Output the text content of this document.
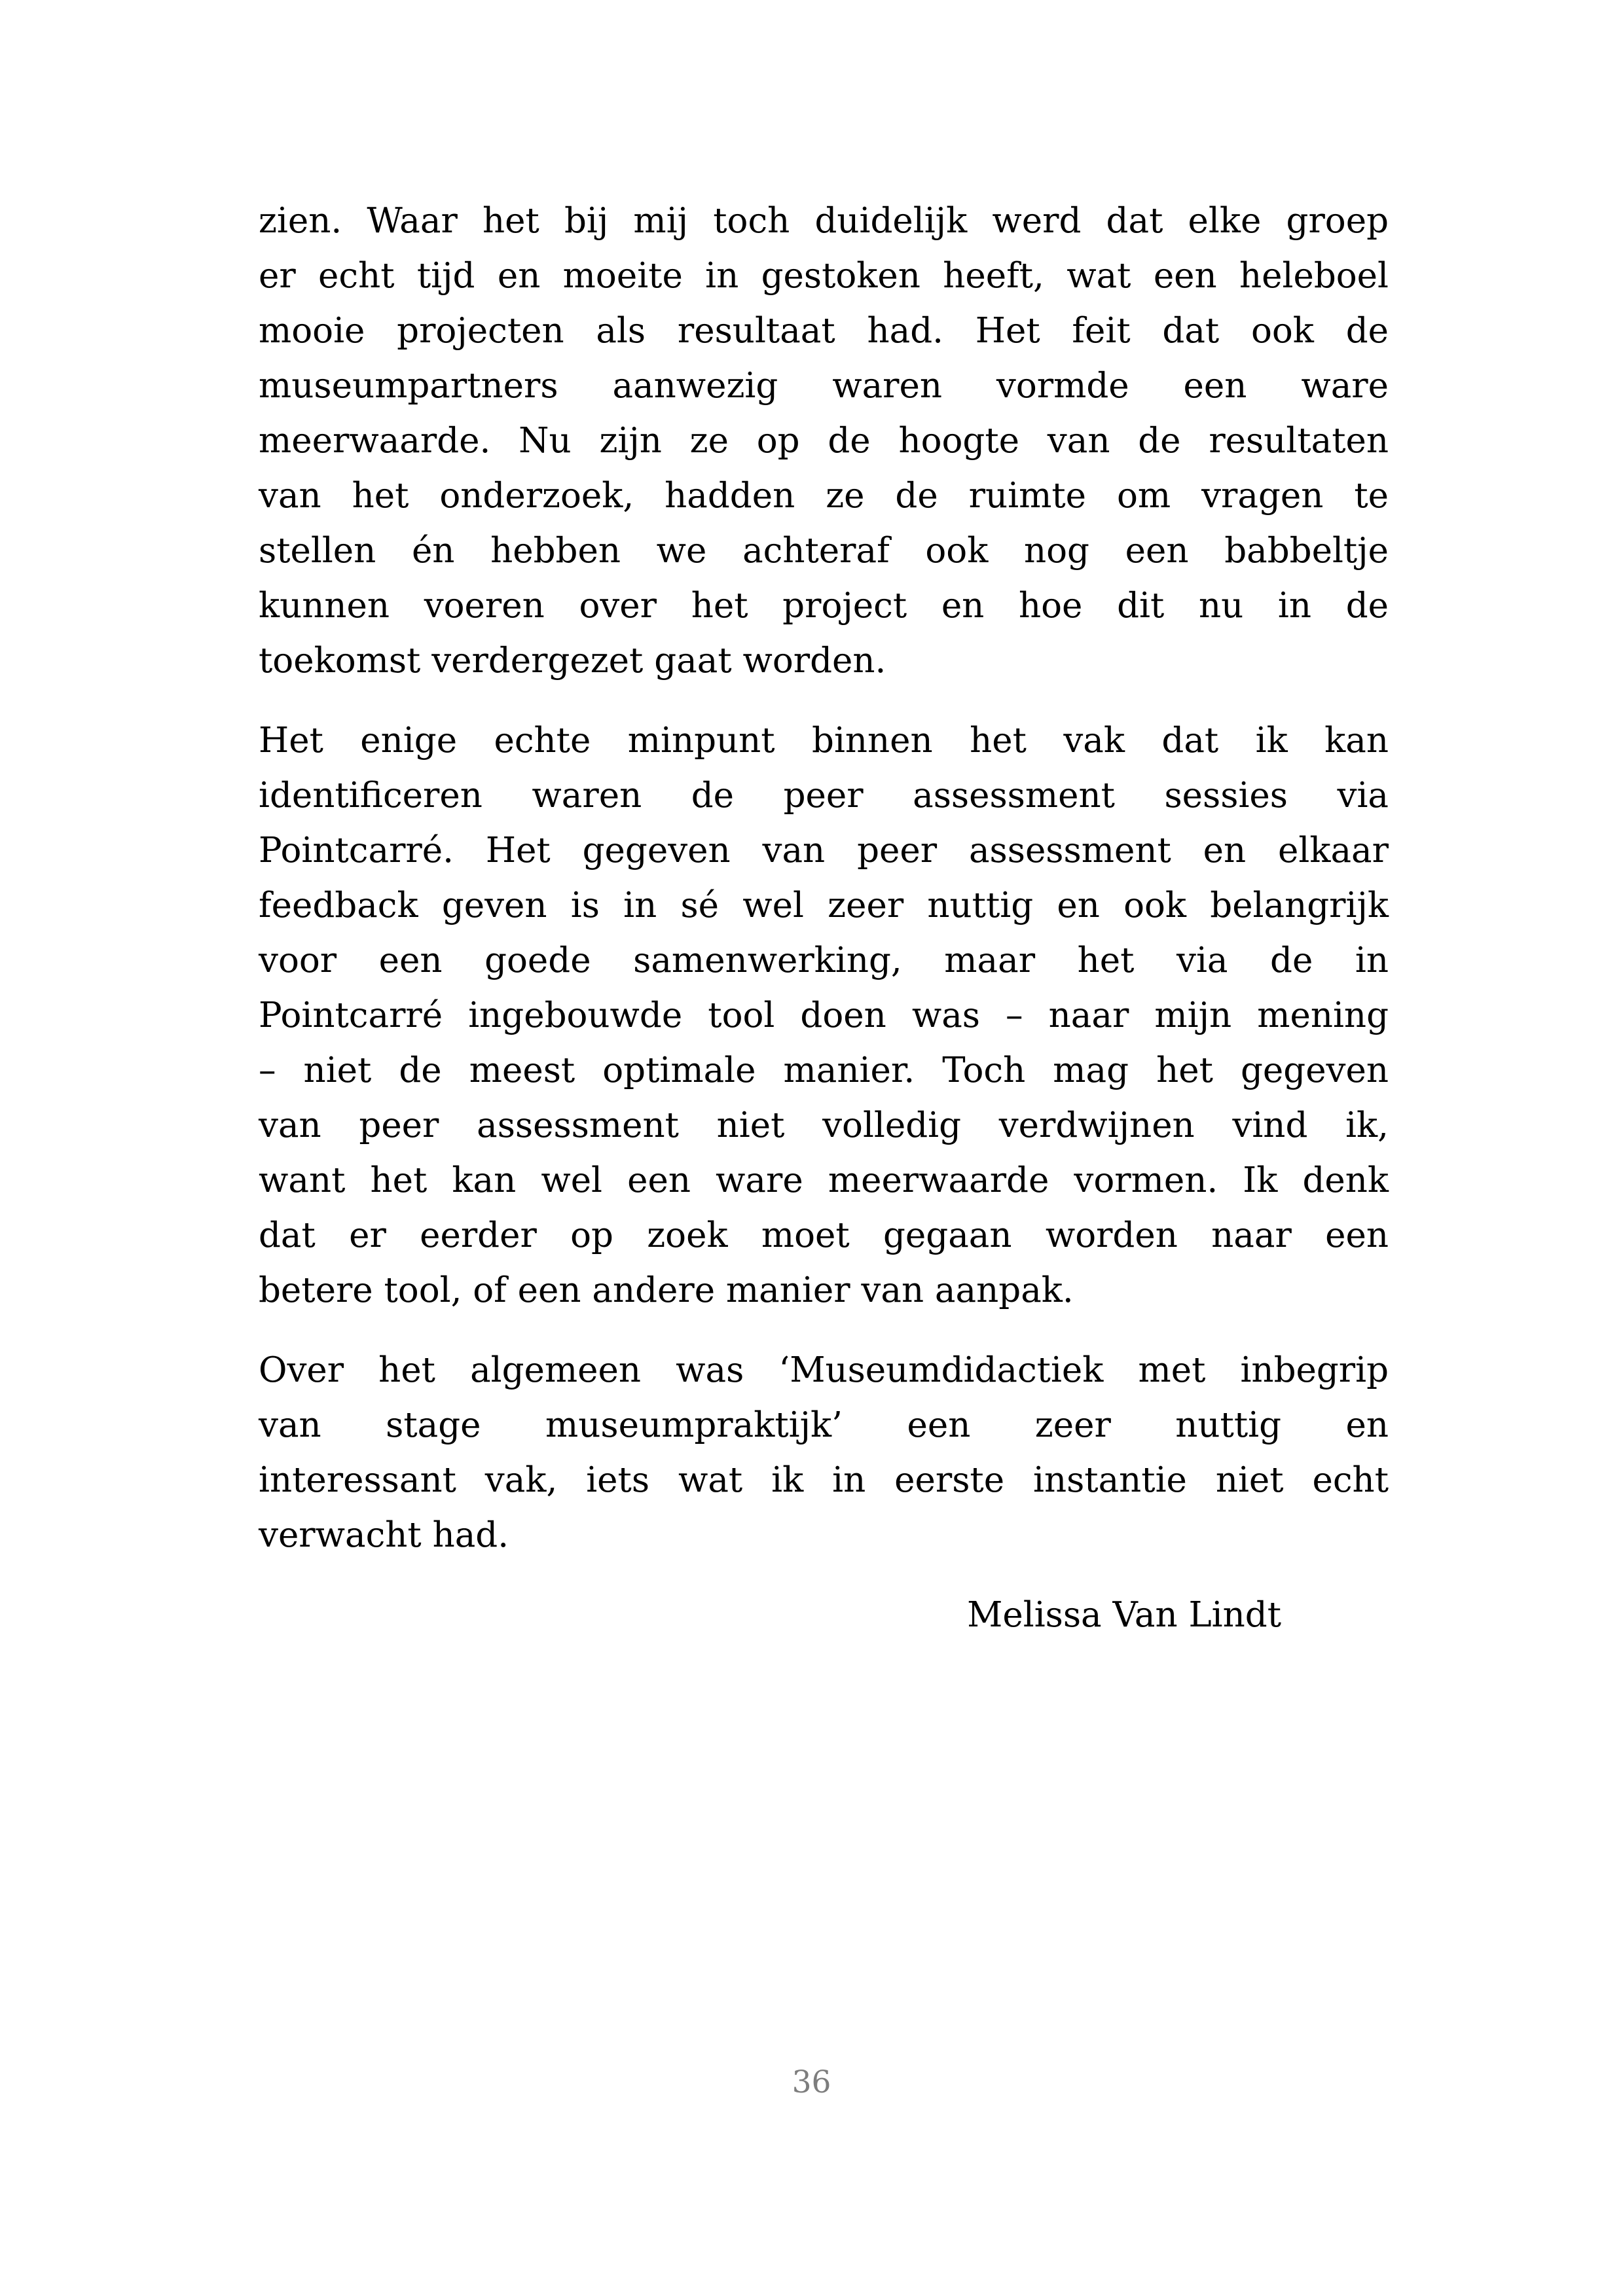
zien. Waar het bij mij toch duidelijk werd dat elke groep
er echt tijd en moeite in gestoken heeft, wat een heleboel
mooie projecten als resultaat had. Het feit dat ook de
museumpartners aanwezig waren vormde een ware
meerwaarde. Nu zijn ze op de hoogte van de resultaten
van het onderzoek, hadden ze de ruimte om vragen te
stellen én hebben we achteraf ook nog een babbeltje
kunnen voeren over het project en hoe dit nu in de
toekomst verdergezet gaat worden.

Het enige echte minpunt binnen het vak dat ik kan
identificeren waren de peer assessment sessies via
Pointcarré. Het gegeven van peer assessment en elkaar
feedback geven is in sé wel zeer nuttig en ook belangrijk
voor een goede samenwerking, maar het via de in
Pointcarré ingebouwde tool doen was – naar mijn mening
– niet de meest optimale manier. Toch mag het gegeven
van peer assessment niet volledig verdwijnen vind ik,
want het kan wel een ware meerwaarde vormen. Ik denk
dat er eerder op zoek moet gegaan worden naar een
betere tool, of een andere manier van aanpak.

Over het algemeen was ‘Museumdidactiek met inbegrip
van stage museumpraktijk’ een zeer nuttig en
interessant vak, iets wat ik in eerste instantie niet echt
verwacht had.

Melissa Van Lindt
36
